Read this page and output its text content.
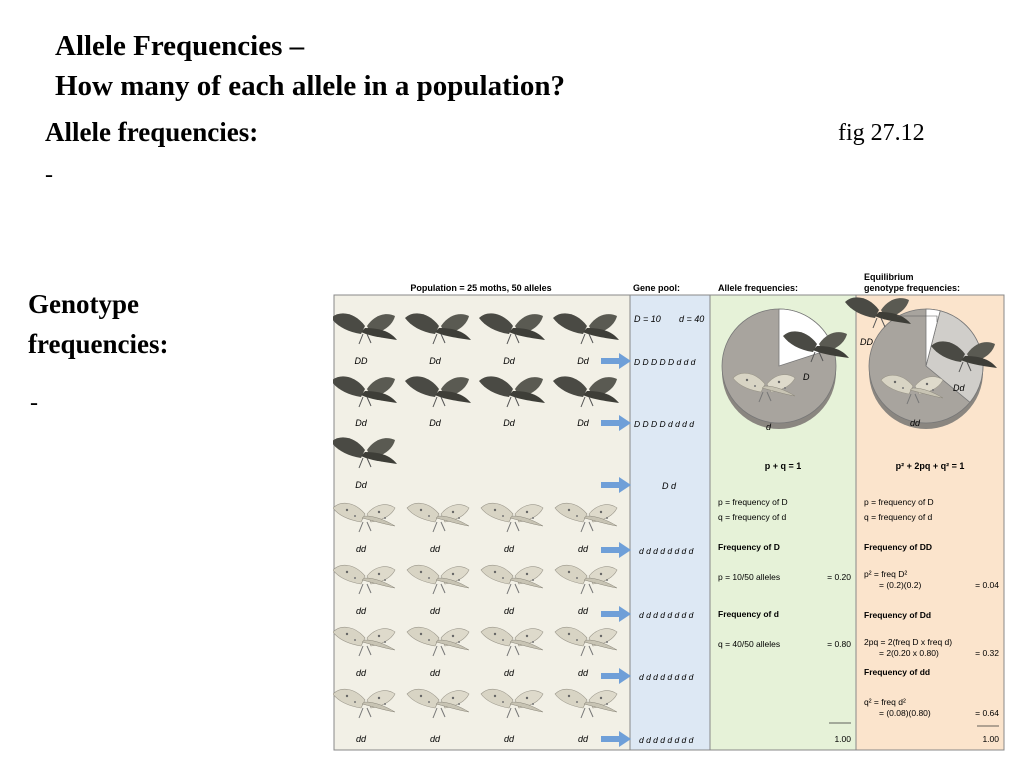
Allele Frequencies –
How many of each allele in a population?
Allele frequencies:
-
Genotype
frequencies:
-
fig 27.12
Population = 25 moths, 50 alleles	Gene pool:	Allele frequencies:
Equilibrium
genotype frequencies:
DD	Dd	Dd	Dd
Dd	Dd	Dd	Dd
Dd
dd	dd	dd	dd
dd	dd	dd	dd
dd	dd	dd	dd
dd	dd	dd	dd
D = 10 d = 40
D D D D D d d d
D D D D d d d d
D d
d d d d d d d d
d d d d d d d d
d d d d d d d d
d d d d d d d d
D
d
p + q = 1
p = frequency of D
q = frequency of d
Frequency of D
p = 10/50 alleles	= 0.20
Frequency of d
q = 40/50 alleles	= 0.80
1.00
DD
Dd
dd
p² + 2pq + q² = 1
p = frequency of D
q = frequency of d
Frequency of DD
p² = freq D²
= (0.2)(0.2)	= 0.04
Frequency of Dd
2pq = 2(freq D x freq d)
= 2(0.20 x 0.80)	= 0.32
Frequency of dd
q² = freq d²
= (0.08)(0.80)	= 0.64
1.00
